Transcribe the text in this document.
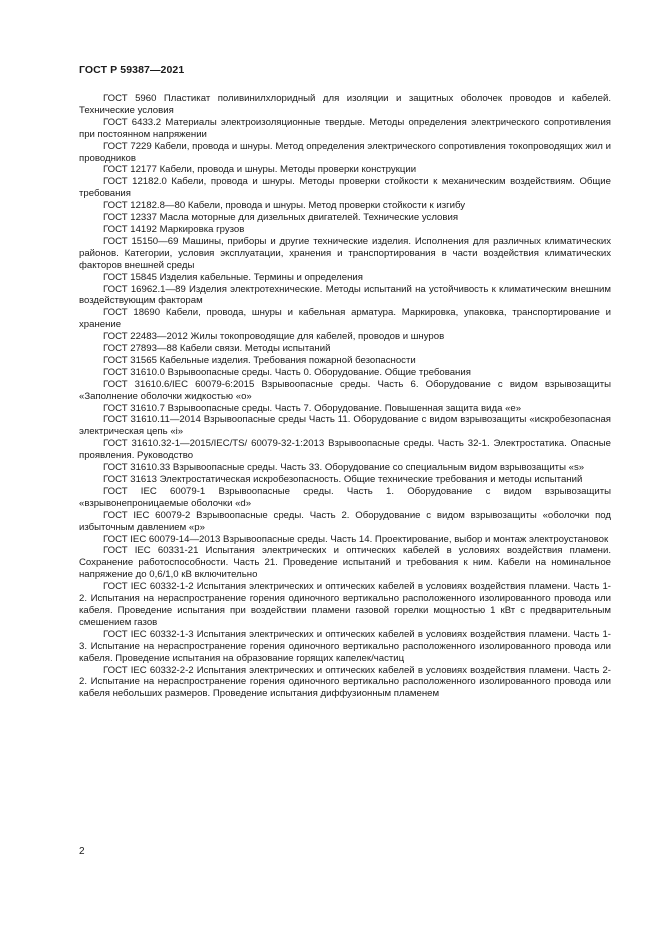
ГОСТ Р 59387—2021

ГОСТ 5960 Пластикат поливинилхлоридный для изоляции и защитных оболочек проводов и кабелей. Технические условия

ГОСТ 6433.2 Материалы электроизоляционные твердые. Методы определения электрического сопротивления при постоянном напряжении

ГОСТ 7229 Кабели, провода и шнуры. Метод определения электрического сопротивления токопроводящих жил и проводников

ГОСТ 12177 Кабели, провода и шнуры. Методы проверки конструкции

ГОСТ 12182.0 Кабели, провода и шнуры. Методы проверки стойкости к механическим воздействиям. Общие требования

ГОСТ 12182.8—80 Кабели, провода и шнуры. Метод проверки стойкости к изгибу

ГОСТ 12337 Масла моторные для дизельных двигателей. Технические условия

ГОСТ 14192 Маркировка грузов

ГОСТ 15150—69 Машины, приборы и другие технические изделия. Исполнения для различных климатических районов. Категории, условия эксплуатации, хранения и транспортирования в части воздействия климатических факторов внешней среды

ГОСТ 15845 Изделия кабельные. Термины и определения

ГОСТ 16962.1—89 Изделия электротехнические. Методы испытаний на устойчивость к климатическим внешним воздействующим факторам

ГОСТ 18690 Кабели, провода, шнуры и кабельная арматура. Маркировка, упаковка, транспортирование и хранение

ГОСТ 22483—2012 Жилы токопроводящие для кабелей, проводов и шнуров

ГОСТ 27893—88 Кабели связи. Методы испытаний

ГОСТ 31565 Кабельные изделия. Требования пожарной безопасности

ГОСТ 31610.0 Взрывоопасные среды. Часть 0. Оборудование. Общие требования

ГОСТ 31610.6/IEC 60079-6:2015 Взрывоопасные среды. Часть 6. Оборудование с видом взрывозащиты «Заполнение оболочки жидкостью «о»

ГОСТ 31610.7 Взрывоопасные среды. Часть 7. Оборудование. Повышенная защита вида «е»

ГОСТ 31610.11—2014 Взрывоопасные среды Часть 11. Оборудование с видом взрывозащиты «искробезопасная электрическая цепь «i»

ГОСТ 31610.32-1—2015/IEC/TS/ 60079-32-1:2013 Взрывоопасные среды. Часть 32-1. Электростатика. Опасные проявления. Руководство

ГОСТ 31610.33 Взрывоопасные среды. Часть 33. Оборудование со специальным видом взрывозащиты «s»

ГОСТ 31613 Электростатическая искробезопасность. Общие технические требования и методы испытаний

ГОСТ IEC 60079-1 Взрывоопасные среды. Часть 1. Оборудование с видом взрывозащиты «взрывонепроницаемые оболочки «d»

ГОСТ IEC 60079-2 Взрывоопасные среды. Часть 2. Оборудование с видом взрывозащиты «оболочки под избыточным давлением «р»

ГОСТ IEC 60079-14—2013 Взрывоопасные среды. Часть 14. Проектирование, выбор и монтаж электроустановок

ГОСТ IEC 60331-21 Испытания электрических и оптических кабелей в условиях воздействия пламени. Сохранение работоспособности. Часть 21. Проведение испытаний и требования к ним. Кабели на номинальное напряжение до 0,6/1,0 кВ включительно

ГОСТ IEC 60332-1-2 Испытания электрических и оптических кабелей в условиях воздействия пламени. Часть 1-2. Испытания на нераспространение горения одиночного вертикально расположенного изолированного провода или кабеля. Проведение испытания при воздействии пламени газовой горелки мощностью 1 кВт с предварительным смешением газов

ГОСТ IEC 60332-1-3 Испытания электрических и оптических кабелей в условиях воздействия пламени. Часть 1-3. Испытание на нераспространение горения одиночного вертикально расположенного изолированного провода или кабеля. Проведение испытания на образование горящих капелек/частиц

ГОСТ IEC 60332-2-2 Испытания электрических и оптических кабелей в условиях воздействия пламени. Часть 2-2. Испытание на нераспространение горения одиночного вертикально расположенного изолированного провода или кабеля небольших размеров. Проведение испытания диффузионным пламенем

2
